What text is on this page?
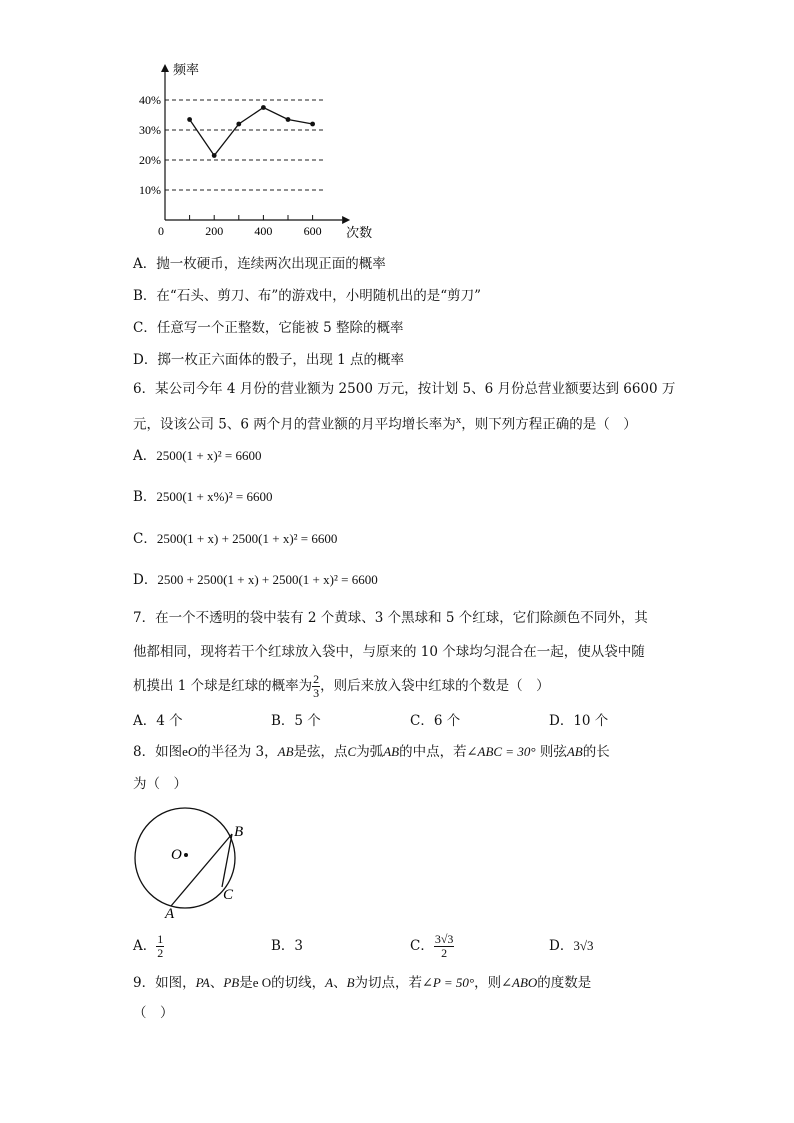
10%
20%
30%
40%
0	200	400	600
频率
次数
A．抛一枚硬币，连续两次出现正面的概率
B．在“石头、剪刀、布”的游戏中，小明随机出的是“剪刀”
C．任意写一个正整数，它能被 5 整除的概率
D．掷一枚正六面体的骰子，出现 1 点的概率
6．某公司今年 4 月份的营业额为 2500 万元，按计划 5、6 月份总营业额要达到 6600 万
元，设该公司 5、6 两个月的营业额的月平均增长率为$^x$，则下列方程正确的是（　）
A．2500(1 + x)² = 6600
B．2500(1 + x%)² = 6600
C．2500(1 + x) + 2500(1 + x)² = 6600
D．2500 + 2500(1 + x) + 2500(1 + x)² = 6600
7．在一个不透明的袋中装有 2 个黄球、3 个黑球和 5 个红球，它们除颜色不同外，其
他都相同，现将若干个红球放入袋中，与原来的 10 个球均匀混合在一起，使从袋中随
机摸出 1 个球是红球的概率为 $\frac{2}{3}$ ，则后来放入袋中红球的个数是（　）
A．4 个	B．5 个	C．6 个	D．10 个
8．如图eO的半径为 3，AB是弦，点C为弧AB的中点，若∠ABC = 30° 则弦AB的长
为（　）
O
A
B
C
A． $\frac{1}{2}$	B．3	C． $\frac{3√3}{2}$	D．3√3
9．如图，PA、PB是e O的切线，A、B为切点，若∠P = 50°，则∠ABO的度数是
（　）
